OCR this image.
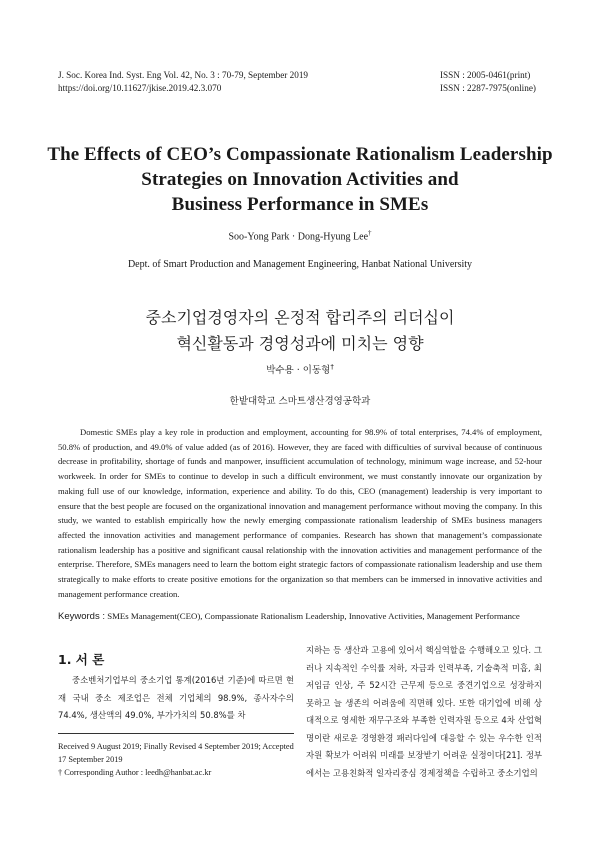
J. Soc. Korea Ind. Syst. Eng Vol. 42, No. 3 : 70-79, September 2019
https://doi.org/10.11627/jkise.2019.42.3.070
ISSN : 2005-0461(print)
ISSN : 2287-7975(online)
The Effects of CEO’s Compassionate Rationalism Leadership
Strategies on Innovation Activities and
Business Performance in SMEs
Soo-Yong Park · Dong-Hyung Lee†
Dept. of Smart Production and Management Engineering, Hanbat National University
중소기업경영자의 온정적 합리주의 리더십이
혁신활동과 경영성과에 미치는 영향
박수용 · 이동형†
한밭대학교 스마트생산경영공학과

Domestic SMEs play a key role in production and employment, accounting for 98.9% of total enterprises, 74.4% of employment, 50.8% of production, and 49.0% of value added (as of 2016). However, they are faced with difficulties of survival because of continuous decrease in profitability, shortage of funds and manpower, insufficient accumulation of technology, minimum wage increase, and 52-hour workweek. In order for SMEs to continue to develop in such a difficult environment, we must constantly innovate our organization by making full use of our knowledge, information, experience and ability. To do this, CEO (management) leadership is very important to ensure that the best people are focused on the organizational innovation and management performance without moving the company. In this study, we wanted to establish empirically how the newly emerging compassionate rationalism leadership of SMEs business managers affected the innovation activities and management performance of companies. Research has shown that management’s compassionate rationalism leadership has a positive and significant causal relationship with the innovation activities and management performance of the enterprise. Therefore, SMEs managers need to learn the bottom eight strategic factors of compassionate rationalism leadership and use them strategically to make efforts to create positive emotions for the organization so that members can be immersed in innovative activities and management performance creation.

Keywords : SMEs Management(CEO), Compassionate Rationalism Leadership, Innovative Activities, Management Performance
1. 서 론

중소벤처기업부의 중소기업 통계(2016년 기준)에 따르면 현재 국내 중소 제조업은 전체 기업체의 98.9%, 종사자수의 74.4%, 생산액의 49.0%, 부가가치의 50.8%를 차

Received 9 August 2019; Finally Revised 4 September 2019; Accepted 17 September 2019
† Corresponding Author : leedh@hanbat.ac.kr

지하는 등 생산과 고용에 있어서 핵심역할을 수행해오고 있다. 그러나 지속적인 수익률 저하, 자금과 인력부족, 기술축적 미흡, 최저임금 인상, 주 52시간 근무제 등으로 중견기업으로 성장하지 못하고 늘 생존의 어려움에 직면해 있다. 또한 대기업에 비해 상대적으로 영세한 재무구조와 부족한 인력자원 등으로 4차 산업혁명이란 새로운 경영환경 패러다임에 대응할 수 있는 우수한 인적자원 확보가 어려워 미래를 보장받기 어려운 실정이다[21]. 정부에서는 고용친화적 일자리중심 경제정책을 수립하고 중소기업의
